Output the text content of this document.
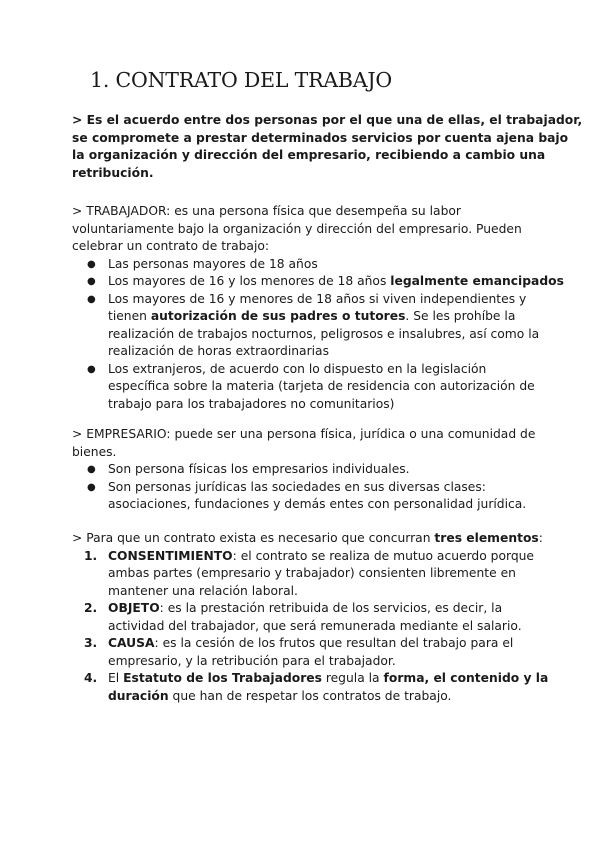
1. CONTRATO DEL TRABAJO
> Es el acuerdo entre dos personas por el que una de ellas, el trabajador,
se compromete a prestar determinados servicios por cuenta ajena bajo
la organización y dirección del empresario, recibiendo a cambio una
retribución.
> TRABAJADOR: es una persona física que desempeña su labor
voluntariamente bajo la organización y dirección del empresario. Pueden
celebrar un contrato de trabajo:
● Las personas mayores de 18 años
● Los mayores de 16 y los menores de 18 años legalmente emancipados
● Los mayores de 16 y menores de 18 años si viven independientes y
tienen autorización de sus padres o tutores. Se les prohíbe la
realización de trabajos nocturnos, peligrosos e insalubres, así como la
realización de horas extraordinarias
● Los extranjeros, de acuerdo con lo dispuesto en la legislación
específica sobre la materia (tarjeta de residencia con autorización de
trabajo para los trabajadores no comunitarios)
> EMPRESARIO: puede ser una persona física, jurídica o una comunidad de
bienes.
● Son persona físicas los empresarios individuales.
● Son personas jurídicas las sociedades en sus diversas clases:
asociaciones, fundaciones y demás entes con personalidad jurídica.
> Para que un contrato exista es necesario que concurran tres elementos:
1. CONSENTIMIENTO: el contrato se realiza de mutuo acuerdo porque
ambas partes (empresario y trabajador) consienten libremente en
mantener una relación laboral.
2. OBJETO: es la prestación retribuida de los servicios, es decir, la
actividad del trabajador, que será remunerada mediante el salario.
3. CAUSA: es la cesión de los frutos que resultan del trabajo para el
empresario, y la retribución para el trabajador.
4. El Estatuto de los Trabajadores regula la forma, el contenido y la
duración que han de respetar los contratos de trabajo.
